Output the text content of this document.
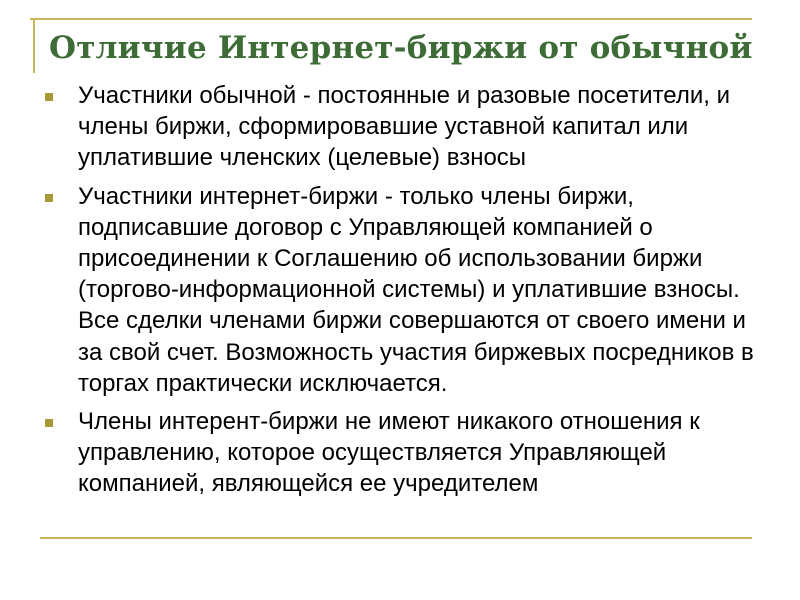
Отличие Интернет-биржи от обычной
Участники обычной - постоянные и разовые посетители, и члены биржи, сформировавшие уставной капитал или уплатившие членских (целевые) взносы
Участники интернет-биржи - только члены биржи, подписавшие договор с Управляющей компанией о присоединении к Соглашению об использовании биржи (торгово-информационной системы) и уплатившие взносы. Все сделки членами биржи совершаются от своего имени и за свой счет. Возможность участия биржевых посредников в торгах практически исключается.
Члены интерент-биржи не имеют никакого отношения к управлению, которое осуществляется Управляющей компанией, являющейся ее учредителем
